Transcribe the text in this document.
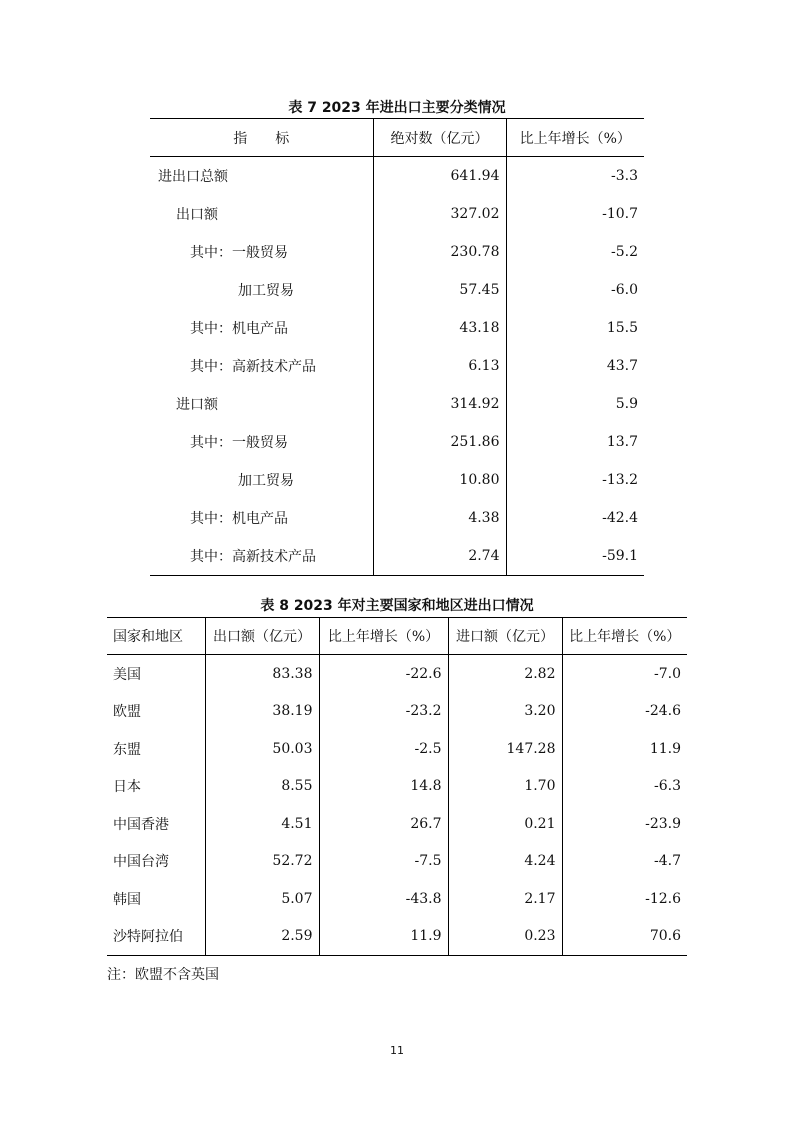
表 7 2023 年进出口主要分类情况
指　　标	绝对数（亿元）	比上年增长（%）
进出口总额	641.94	-3.3
出口额	327.02	-10.7
其中：一般贸易	230.78	-5.2
加工贸易	57.45	-6.0
其中：机电产品	43.18	15.5
其中：高新技术产品	6.13	43.7
进口额	314.92	5.9
其中：一般贸易	251.86	13.7
加工贸易	10.80	-13.2
其中：机电产品	4.38	-42.4
其中：高新技术产品	2.74	-59.1
表 8 2023 年对主要国家和地区进出口情况
国家和地区	出口额（亿元）	比上年增长（%）	进口额（亿元）	比上年增长（%）
美国	83.38	-22.6	2.82	-7.0
欧盟	38.19	-23.2	3.20	-24.6
东盟	50.03	-2.5	147.28	11.9
日本	8.55	14.8	1.70	-6.3
中国香港	4.51	26.7	0.21	-23.9
中国台湾	52.72	-7.5	4.24	-4.7
韩国	5.07	-43.8	2.17	-12.6
沙特阿拉伯	2.59	11.9	0.23	70.6
注：欧盟不含英国
11
